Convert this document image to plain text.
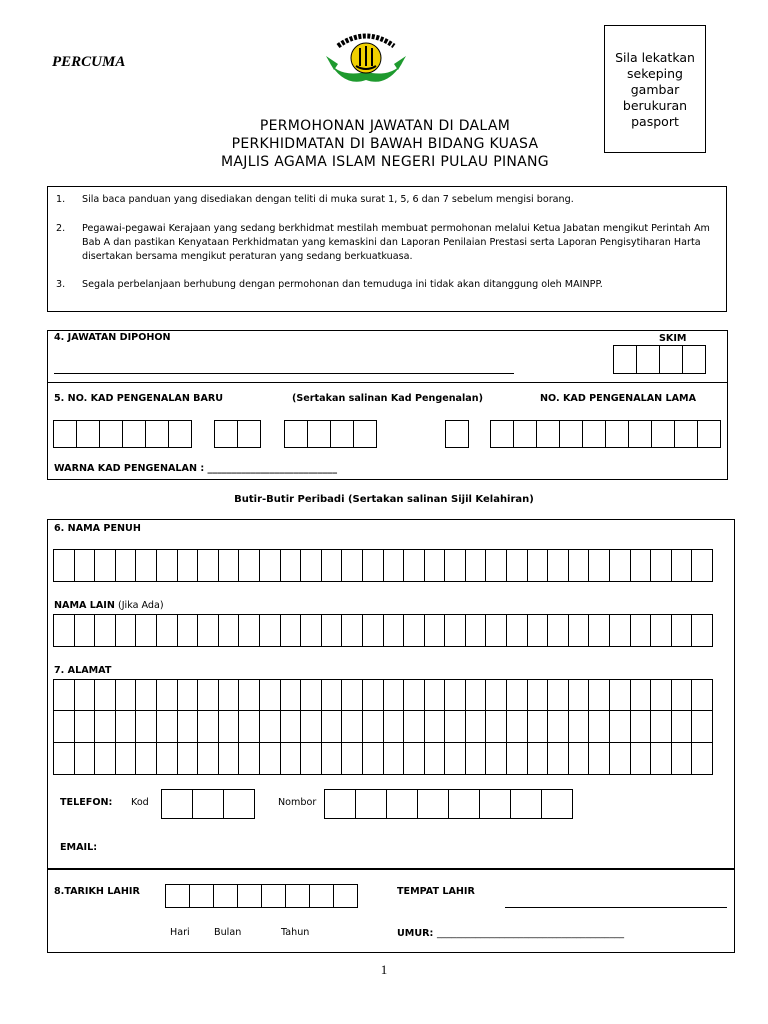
PERCUMA	Sila lekatkan
sekeping
gambar
berukuran
pasport
PERMOHONAN JAWATAN DI DALAM
PERKHIDMATAN DI BAWAH BIDANG KUASA
MAJLIS AGAMA ISLAM NEGERI PULAU PINANG
1. Sila baca panduan yang disediakan dengan teliti di muka surat 1, 5, 6 dan 7 sebelum mengisi borang.
2. Pegawai-pegawai Kerajaan yang sedang berkhidmat mestilah membuat permohonan melalui Ketua Jabatan mengikut Perintah Am Bab A dan pastikan Kenyataan Perkhidmatan yang kemaskini dan Laporan Penilaian Prestasi serta Laporan Pengisytiharan Harta disertakan bersama mengikut peraturan yang sedang berkuatkuasa.
3. Segala perbelanjaan berhubung dengan permohonan dan temuduga ini tidak akan ditanggung oleh MAINPP.
4. JAWATAN DIPOHON	SKIM
5. NO. KAD PENGENALAN BARU	(Sertakan salinan Kad Pengenalan)	NO. KAD PENGENALAN LAMA
WARNA KAD PENGENALAN : ___________________________
Butir-Butir Peribadi (Sertakan salinan Sijil Kelahiran)
6. NAMA PENUH
NAMA LAIN (Jika Ada)
7. ALAMAT
TELEFON: Kod	Nombor
EMAIL:
8.TARIKH LAHIR
Hari	Bulan	Tahun
TEMPAT LAHIR
UMUR: _______________________________________
1
